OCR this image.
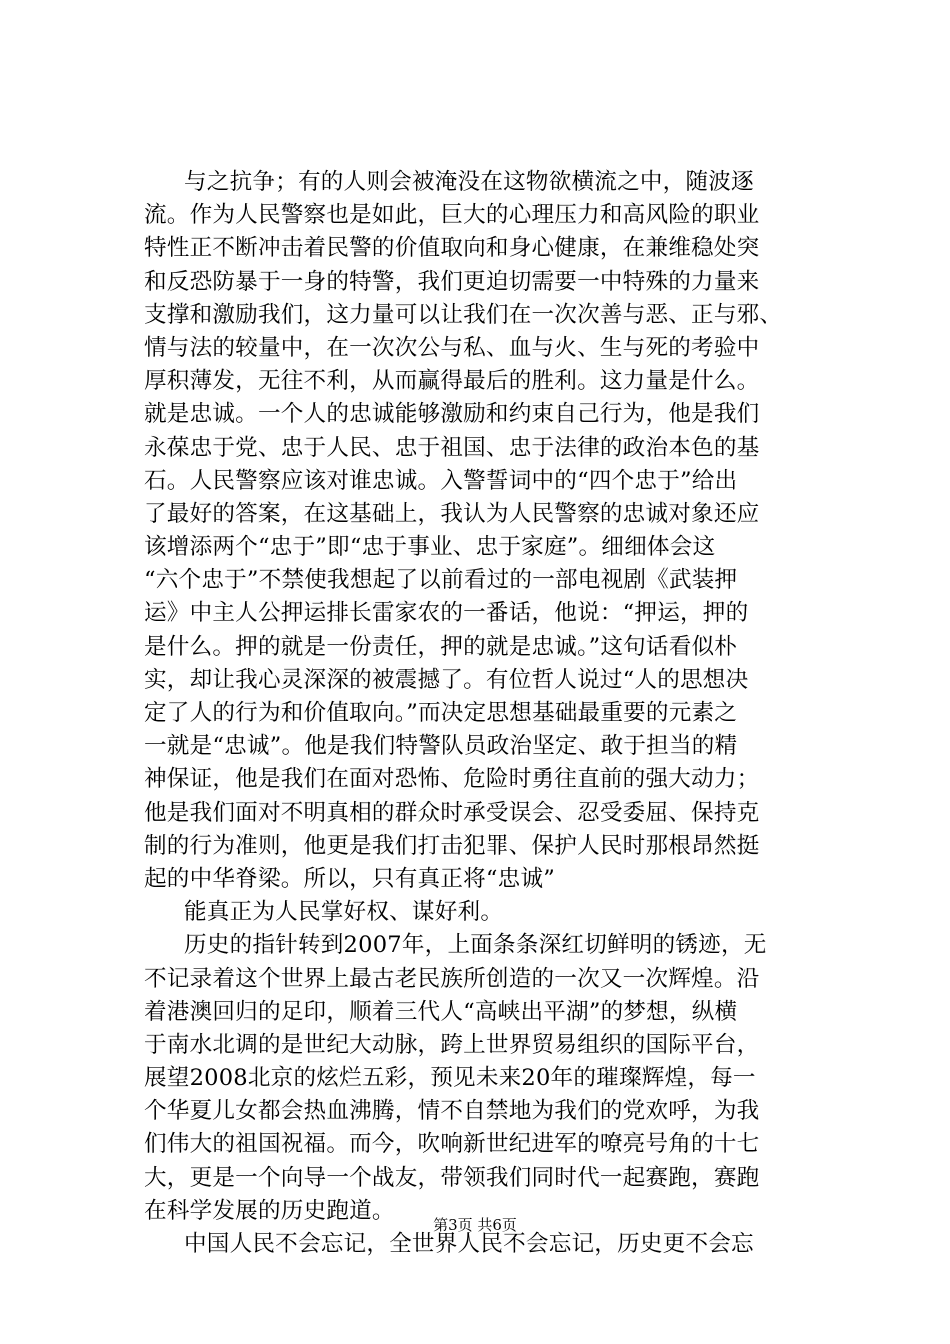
与之抗争；有的人则会被淹没在这物欲横流之中，随波逐
流。作为人民警察也是如此，巨大的心理压力和高风险的职业
特性正不断冲击着民警的价值取向和身心健康，在兼维稳处突
和反恐防暴于一身的特警，我们更迫切需要一中特殊的力量来
支撑和激励我们，这力量可以让我们在一次次善与恶、正与邪、
情与法的较量中，在一次次公与私、血与火、生与死的考验中
厚积薄发，无往不利，从而赢得最后的胜利。这力量是什么。
就是忠诚。一个人的忠诚能够激励和约束自己行为，他是我们
永葆忠于党、忠于人民、忠于祖国、忠于法律的政治本色的基
石。人民警察应该对谁忠诚。入警誓词中的“四个忠于”给出
了最好的答案，在这基础上，我认为人民警察的忠诚对象还应
该增添两个“忠于”即“忠于事业、忠于家庭”。细细体会这
“六个忠于”不禁使我想起了以前看过的一部电视剧《武装押
运》中主人公押运排长雷家农的一番话，他说：“押运，押的
是什么。押的就是一份责任，押的就是忠诚。”这句话看似朴
实，却让我心灵深深的被震撼了。有位哲人说过“人的思想决
定了人的行为和价值取向。”而决定思想基础最重要的元素之
一就是“忠诚”。他是我们特警队员政治坚定、敢于担当的精
神保证，他是我们在面对恐怖、危险时勇往直前的强大动力；
他是我们面对不明真相的群众时承受误会、忍受委屈、保持克
制的行为准则，他更是我们打击犯罪、保护人民时那根昂然挺
起的中华脊梁。所以，只有真正将“忠诚”
能真正为人民掌好权、谋好利。
历史的指针转到2007年，上面条条深红切鲜明的锈迹，无
不记录着这个世界上最古老民族所创造的一次又一次辉煌。沿
着港澳回归的足印，顺着三代人“高峡出平湖”的梦想，纵横
于南水北调的是世纪大动脉，跨上世界贸易组织的国际平台，
展望2008北京的炫烂五彩，预见未来20年的璀璨辉煌，每一
个华夏儿女都会热血沸腾，情不自禁地为我们的党欢呼，为我
们伟大的祖国祝福。而今，吹响新世纪进军的嘹亮号角的十七
大，更是一个向导一个战友，带领我们同时代一起赛跑，赛跑
在科学发展的历史跑道。
中国人民不会忘记，全世界人民不会忘记，历史更不会忘
第3页 共6页
